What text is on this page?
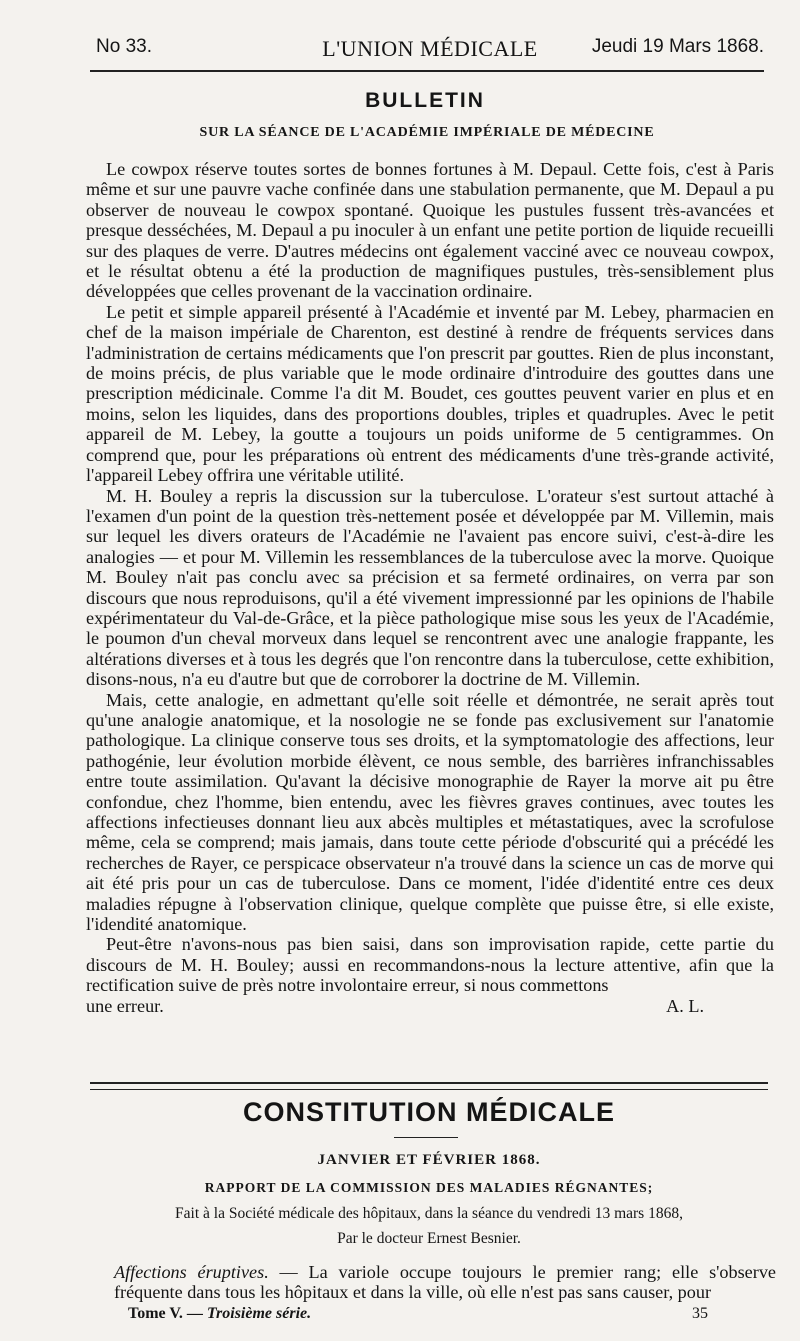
No 33.	L'UNION MÉDICALE	Jeudi 19 Mars 1868.
BULLETIN
SUR LA SÉANCE DE L'ACADÉMIE IMPÉRIALE DE MÉDECINE

Le cowpox réserve toutes sortes de bonnes fortunes à M. Depaul. Cette fois, c'est à Paris même et sur une pauvre vache confinée dans une stabulation permanente, que M. Depaul a pu observer de nouveau le cowpox spontané. Quoique les pustules fussent très-avancées et presque desséchées, M. Depaul a pu inoculer à un enfant une petite portion de liquide recueilli sur des plaques de verre. D'autres médecins ont également vacciné avec ce nouveau cowpox, et le résultat obtenu a été la production de magnifiques pustules, très-sensiblement plus développées que celles provenant de la vaccination ordinaire.

Le petit et simple appareil présenté à l'Académie et inventé par M. Lebey, pharmacien en chef de la maison impériale de Charenton, est destiné à rendre de fréquents services dans l'administration de certains médicaments que l'on prescrit par gouttes. Rien de plus inconstant, de moins précis, de plus variable que le mode ordinaire d'introduire des gouttes dans une prescription médicinale. Comme l'a dit M. Boudet, ces gouttes peuvent varier en plus et en moins, selon les liquides, dans des proportions doubles, triples et quadruples. Avec le petit appareil de M. Lebey, la goutte a toujours un poids uniforme de 5 centigrammes. On comprend que, pour les préparations où entrent des médicaments d'une très-grande activité, l'appareil Lebey offrira une véritable utilité.

M. H. Bouley a repris la discussion sur la tuberculose. L'orateur s'est surtout attaché à l'examen d'un point de la question très-nettement posée et développée par M. Villemin, mais sur lequel les divers orateurs de l'Académie ne l'avaient pas encore suivi, c'est-à-dire les analogies — et pour M. Villemin les ressemblances de la tuberculose avec la morve. Quoique M. Bouley n'ait pas conclu avec sa précision et sa fermeté ordinaires, on verra par son discours que nous reproduisons, qu'il a été vivement impressionné par les opinions de l'habile expérimentateur du Val-de-Grâce, et la pièce pathologique mise sous les yeux de l'Académie, le poumon d'un cheval morveux dans lequel se rencontrent avec une analogie frappante, les altérations diverses et à tous les degrés que l'on rencontre dans la tuberculose, cette exhibition, disons-nous, n'a eu d'autre but que de corroborer la doctrine de M. Villemin.

Mais, cette analogie, en admettant qu'elle soit réelle et démontrée, ne serait après tout qu'une analogie anatomique, et la nosologie ne se fonde pas exclusivement sur l'anatomie pathologique. La clinique conserve tous ses droits, et la symptomatologie des affections, leur pathogénie, leur évolution morbide élèvent, ce nous semble, des barrières infranchissables entre toute assimilation. Qu'avant la décisive monographie de Rayer la morve ait pu être confondue, chez l'homme, bien entendu, avec les fièvres graves continues, avec toutes les affections infectieuses donnant lieu aux abcès multiples et métastatiques, avec la scrofulose même, cela se comprend; mais jamais, dans toute cette période d'obscurité qui a précédé les recherches de Rayer, ce perspicace observateur n'a trouvé dans la science un cas de morve qui ait été pris pour un cas de tuberculose. Dans ce moment, l'idée d'identité entre ces deux maladies répugne à l'observation clinique, quelque complète que puisse être, si elle existe, l'idendité anatomique.

Peut-être n'avons-nous pas bien saisi, dans son improvisation rapide, cette partie du discours de M. H. Bouley; aussi en recommandons-nous la lecture attentive, afin que la rectification suive de près notre involontaire erreur, si nous commettons

une erreur.	A. L.
CONSTITUTION MÉDICALE
JANVIER ET FÉVRIER 1868.
RAPPORT DE LA COMMISSION DES MALADIES RÉGNANTES;
Fait à la Société médicale des hôpitaux, dans la séance du vendredi 13 mars 1868,
Par le docteur Ernest Besnier.

Affections éruptives. — La variole occupe toujours le premier rang; elle s'observe fréquente dans tous les hôpitaux et dans la ville, où elle n'est pas sans causer, pour

Tome V. — Troisième série.	35
